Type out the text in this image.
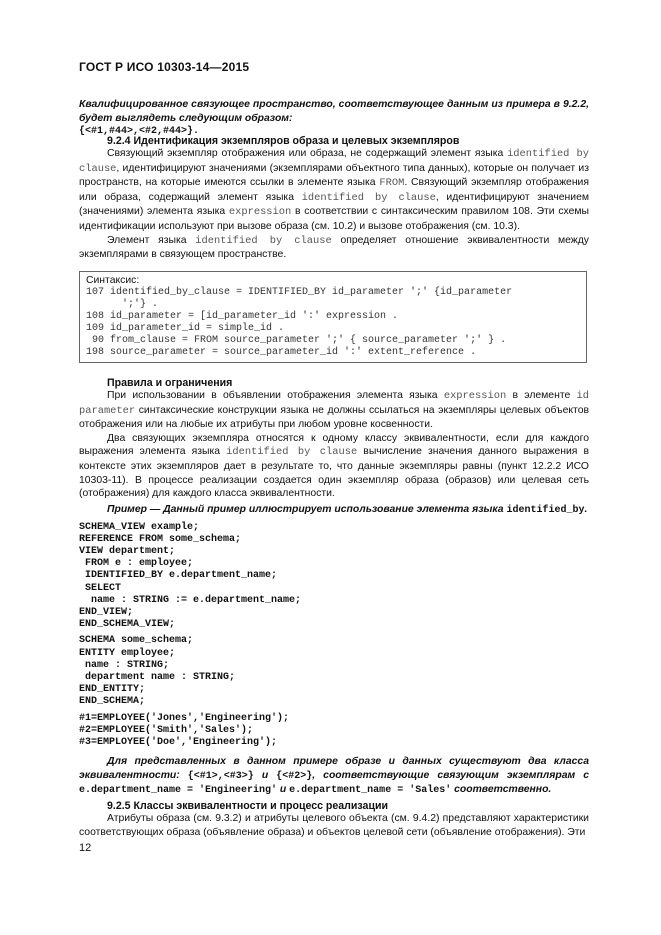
ГОСТ Р ИСО 10303-14—2015

Квалифицированное связующее пространство, соответствующее данным из примера в 9.2.2, будет выглядеть следующим образом:

{<#1,#44>,<#2,#44>}.

9.2.4 Идентификация экземпляров образа и целевых экземпляров

Связующий экземпляр отображения или образа, не содержащий элемент языка identified by clause, идентифицируют значениями (экземплярами объектного типа данных), которые он получает из пространств, на которые имеются ссылки в элементе языка FROM. Связующий экземпляр отображения или образа, содержащий элемент языка identified by clause, идентифицируют значением (значениями) элемента языка expression в соответствии с синтаксическим правилом 108. Эти схемы идентификации используют при вызове образа (см. 10.2) и вызове отображения (см. 10.3).

Элемент языка identified by clause определяет отношение эквивалентности между экземплярами в связующем пространстве.

Синтаксис:
107 identified_by_clause = IDENTIFIED_BY id_parameter ';' {id_parameter
';'} .
108 id_parameter = [id_parameter_id ':' expression .
109 id_parameter_id = simple_id .
90 from_clause = FROM source_parameter ';' { source_parameter ';' } .
198 source_parameter = source_parameter_id ':' extent_reference .

Правила и ограничения

При использовании в объявлении отображения элемента языка expression в элементе id parameter синтаксические конструкции языка не должны ссылаться на экземпляры целевых объектов отображения или на любые их атрибуты при любом уровне косвенности.

Два связующих экземпляра относятся к одному классу эквивалентности, если для каждого выражения элемента языка identified by clause вычисление значения данного выражения в контексте этих экземпляров дает в результате то, что данные экземпляры равны (пункт 12.2.2 ИСО 10303-11). В процессе реализации создается один экземпляр образа (образов) или целевая сеть (отображения) для каждого класса эквивалентности.

Пример — Данный пример иллюстрирует использование элемента языка identified_by.

SCHEMA_VIEW example;
REFERENCE FROM some_schema;
VIEW department;
FROM e : employee;
IDENTIFIED_BY e.department_name;
SELECT
name : STRING := e.department_name;
END_VIEW;
END_SCHEMA_VIEW;
SCHEMA some_schema;
ENTITY employee;
name : STRING;
department name : STRING;
END_ENTITY;
END_SCHEMA;
#1=EMPLOYEE('Jones','Engineering');
#2=EMPLOYEE('Smith','Sales');
#3=EMPLOYEE('Doe','Engineering');

Для представленных в данном примере образе и данных существуют два класса эквивалентности: {<#1>,<#3>} и {<#2>}, соответствующие связующим экземплярам с e.department_name = 'Engineering' и e.department_name = 'Sales' соответственно.

9.2.5 Классы эквивалентности и процесс реализации

Атрибуты образа (см. 9.3.2) и атрибуты целевого объекта (см. 9.4.2) представляют характеристики соответствующих образа (объявление образа) и объектов целевой сети (объявление отображения). Эти

12
